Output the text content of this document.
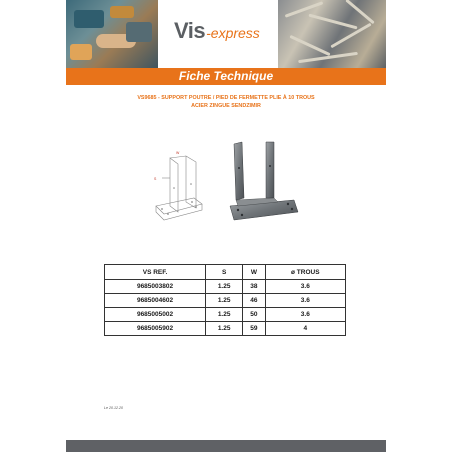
Vis-express
Fiche Technique
VS9685 - SUPPORT POUTRE / PIED DE FERMETTE PLIE À 10 TROUS
ACIER ZINGUE SENDZIMIR
W
S
VS REF.	S	W	ø TROUS
9685003802	1.25	38	3.6
9685004602	1.25	46	3.6
9685005002	1.25	50	3.6
9685005902	1.25	59	4
Le 20.12.20
